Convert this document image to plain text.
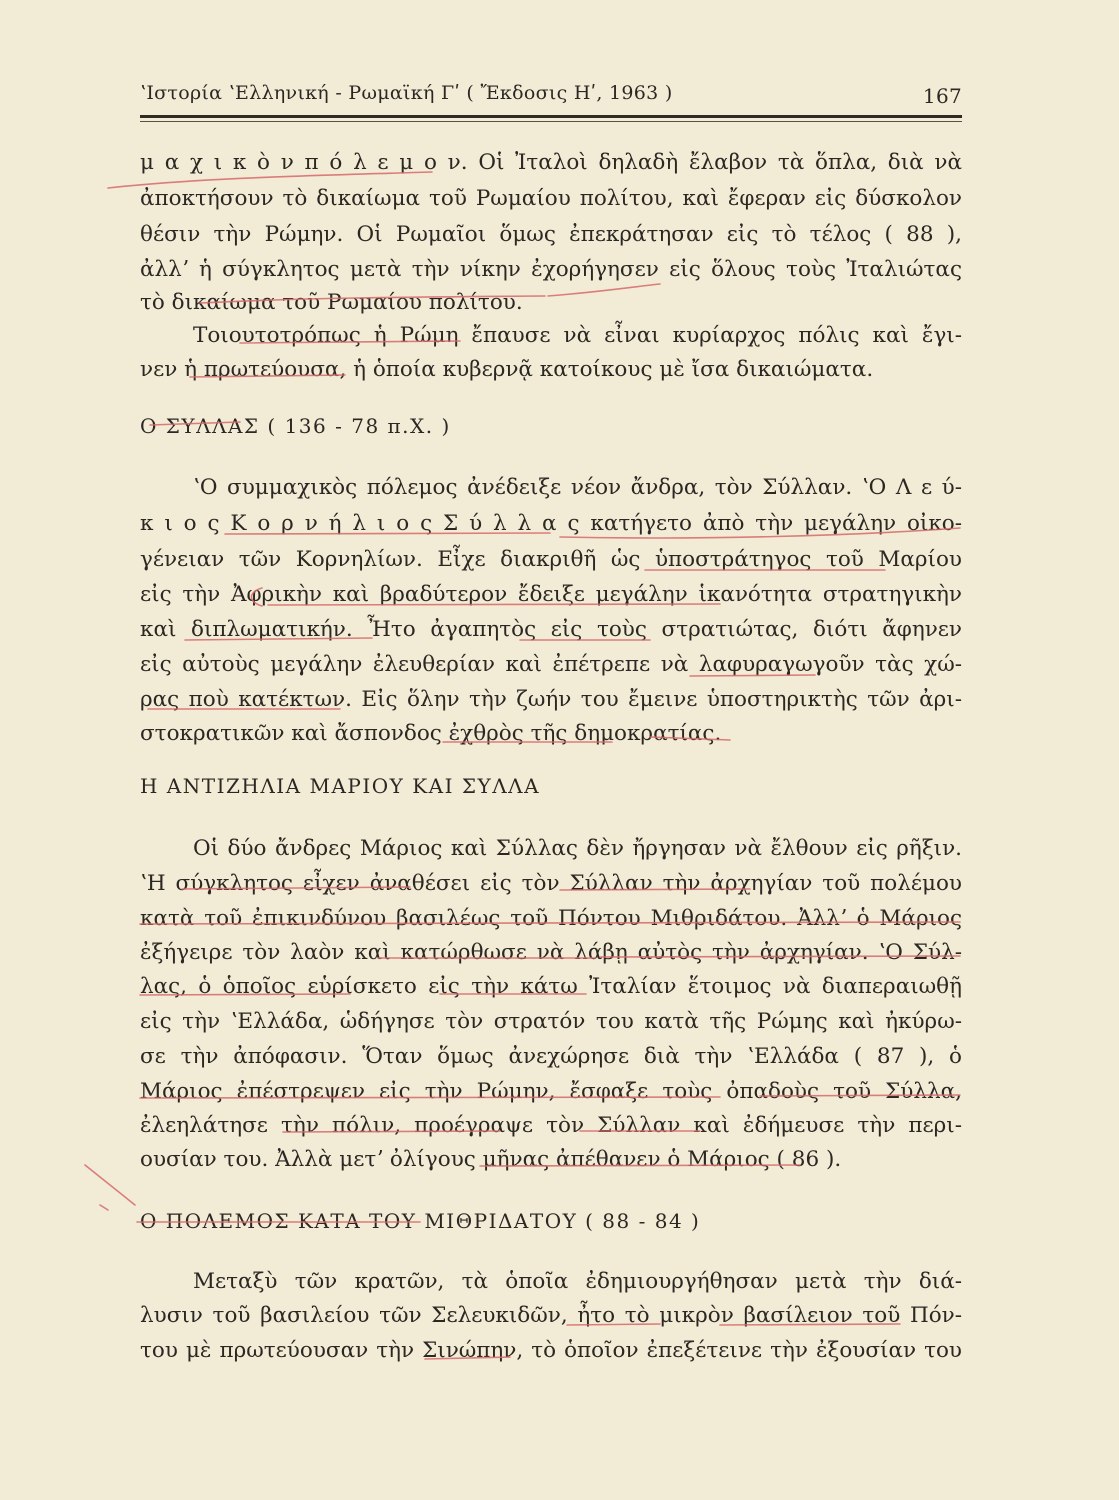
ʽΙστορία ʽΕλληνική - Ρωμαϊκή Γʹ ( Ἔκδοσις Ηʹ, 1963 )	167
μ α χ ι κ ὸ ν π ό λ ε μ ο ν. Οἱ Ἰταλοὶ δηλαδὴ ἔλαβον τὰ ὅπλα, διὰ νὰ
ἀποκτήσουν τὸ δικαίωμα τοῦ Ρωμαίου πολίτου, καὶ ἔφεραν εἰς δύσκολον
θέσιν τὴν Ρώμην. Οἱ Ρωμαῖοι ὅμως ἐπεκράτησαν εἰς τὸ τέλος ( 88 ),
ἀλλʼ ἡ σύγκλητος μετὰ τὴν νίκην ἐχορήγησεν εἰς ὅλους τοὺς Ἰταλιώτας
τὸ δικαίωμα τοῦ Ρωμαίου πολίτου.
Τοιουτοτρόπως ἡ Ρώμη ἔπαυσε νὰ εἶναι κυρίαρχος πόλις καὶ ἔγι-
νεν ἡ πρωτεύουσα, ἡ ὁποία κυβερνᾷ κατοίκους μὲ ἴσα δικαιώματα.
Ο ΣΥΛΛΑΣ ( 136 - 78 π.Χ. )
ʽΟ συμμαχικὸς πόλεμος ἀνέδειξε νέον ἄνδρα, τὸν Σύλλαν. ʽΟ Λ ε ύ-
κ ι ο ς Κ ο ρ ν ή λ ι ο ς Σ ύ λ λ α ς κατήγετο ἀπὸ τὴν μεγάλην οἰκο-
γένειαν τῶν Κορνηλίων. Εἶχε διακριθῆ ὡς ὑποστράτηγος τοῦ Μαρίου
εἰς τὴν Ἀφρικὴν καὶ βραδύτερον ἔδειξε μεγάλην ἱκανότητα στρατηγικὴν
καὶ διπλωματικήν. Ἦτο ἀγαπητὸς εἰς τοὺς στρατιώτας, διότι ἄφηνεν
εἰς αὐτοὺς μεγάλην ἐλευθερίαν καὶ ἐπέτρεπε νὰ λαφυραγωγοῦν τὰς χώ-
ρας ποὺ κατέκτων. Εἰς ὅλην τὴν ζωήν του ἔμεινε ὑποστηρικτὴς τῶν ἀρι-
στοκρατικῶν καὶ ἄσπονδος ἐχθρὸς τῆς δημοκρατίας.
Η ΑΝΤΙΖΗΛΙΑ ΜΑΡΙΟΥ ΚΑΙ ΣΥΛΛΑ
Οἱ δύο ἄνδρες Μάριος καὶ Σύλλας δὲν ἤργησαν νὰ ἔλθουν εἰς ρῆξιν.
ʽΗ σύγκλητος εἶχεν ἀναθέσει εἰς τὸν Σύλλαν τὴν ἀρχηγίαν τοῦ πολέμου
κατὰ τοῦ ἐπικινδύνου βασιλέως τοῦ Πόντου Μιθριδάτου. Ἀλλʼ ὁ Μάριος
ἐξήγειρε τὸν λαὸν καὶ κατώρθωσε νὰ λάβῃ αὐτὸς τὴν ἀρχηγίαν. ʽΟ Σύλ-
λας, ὁ ὁποῖος εὑρίσκετο εἰς τὴν κάτω Ἰταλίαν ἕτοιμος νὰ διαπεραιωθῇ
εἰς τὴν ʽΕλλάδα, ὡδήγησε τὸν στρατόν του κατὰ τῆς Ρώμης καὶ ἠκύρω-
σε τὴν ἀπόφασιν. Ὅταν ὅμως ἀνεχώρησε διὰ τὴν ʽΕλλάδα ( 87 ), ὁ
Μάριος ἐπέστρεψεν εἰς τὴν Ρώμην, ἔσφαξε τοὺς ὀπαδοὺς τοῦ Σύλλα,
ἐλεηλάτησε τὴν πόλιν, προέγραψε τὸν Σύλλαν καὶ ἐδήμευσε τὴν περι-
ουσίαν του. Ἀλλὰ μετʼ ὀλίγους μῆνας ἀπέθανεν ὁ Μάριος ( 86 ).
Ο ΠΟΛΕΜΟΣ ΚΑΤΑ ΤΟΥ ΜΙΘΡΙΔΑΤΟΥ ( 88 - 84 )
Μεταξὺ τῶν κρατῶν, τὰ ὁποῖα ἐδημιουργήθησαν μετὰ τὴν διά-
λυσιν τοῦ βασιλείου τῶν Σελευκιδῶν, ἦτο τὸ μικρὸν βασίλειον τοῦ Πόν-
του μὲ πρωτεύουσαν τὴν Σινώπην, τὸ ὁποῖον ἐπεξέτεινε τὴν ἐξουσίαν του
